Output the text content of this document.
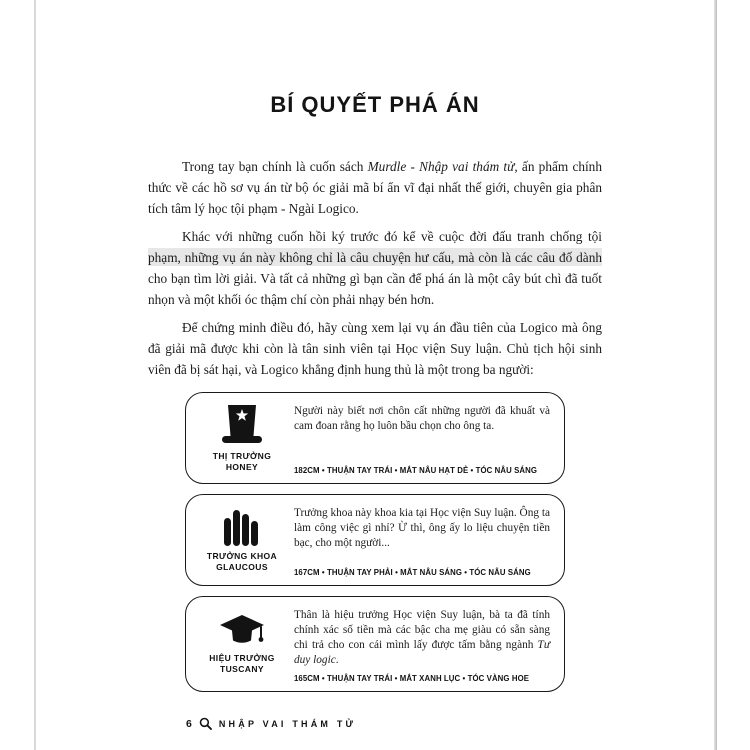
BÍ QUYẾT PHÁ ÁN

Trong tay bạn chính là cuốn sách Murdle - Nhập vai thám tử, ấn phẩm chính thức về các hồ sơ vụ án từ bộ óc giải mã bí ẩn vĩ đại nhất thế giới, chuyên gia phân tích tâm lý học tội phạm - Ngài Logico.

Khác với những cuốn hồi ký trước đó kể về cuộc đời đấu tranh chống tội phạm, những vụ án này không chỉ là câu chuyện hư cấu, mà còn là các câu đố dành cho bạn tìm lời giải. Và tất cả những gì bạn cần để phá án là một cây bút chì đã tuốt nhọn và một khối óc thậm chí còn phải nhạy bén hơn.

Để chứng minh điều đó, hãy cùng xem lại vụ án đầu tiên của Logico mà ông đã giải mã được khi còn là tân sinh viên tại Học viện Suy luận. Chủ tịch hội sinh viên đã bị sát hại, và Logico khẳng định hung thủ là một trong ba người:

THỊ TRƯỞNG
HONEY

Người này biết nơi chôn cất những người đã khuất và cam đoan rằng họ luôn bầu chọn cho ông ta.

182CM • THUẬN TAY TRÁI • MẮT NÂU HẠT DẺ • TÓC NÂU SÁNG
TRƯỞNG KHOA
GLAUCOUS

Trưởng khoa này khoa kia tại Học viện Suy luận. Ông ta làm công việc gì nhỉ? Ừ thì, ông ấy lo liệu chuyện tiền bạc, cho một người...

167CM • THUẬN TAY PHẢI • MẮT NÂU SÁNG • TÓC NÂU SÁNG
HIỆU TRƯỞNG
TUSCANY

Thân là hiệu trưởng Học viện Suy luận, bà ta đã tính chính xác số tiền mà các bậc cha mẹ giàu có sẵn sàng chi trả cho con cái mình lấy được tấm bằng ngành Tư duy logic.

165CM • THUẬN TAY TRÁI • MẮT XANH LỤC • TÓC VÀNG HOE
6	NHẬP VAI THÁM TỬ
